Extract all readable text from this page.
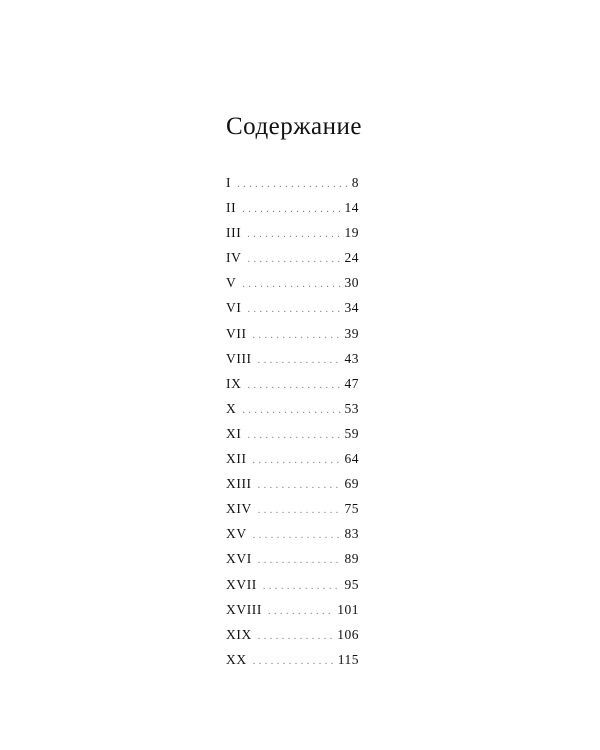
Содержание
I . . .	8
II . . .	14
III . . .	19
IV . . .	24
V . . .	30
VI . . .	34
VII . . .	39
VIII . . .	43
IX . . .	47
X . . .	53
XI . . .	59
XII . . .	64
XIII . . .	69
XIV . . .	75
XV . . .	83
XVI . . .	89
XVII . . .	95
XVIII . . .	101
XIX . . .	106
XX . . .	115
